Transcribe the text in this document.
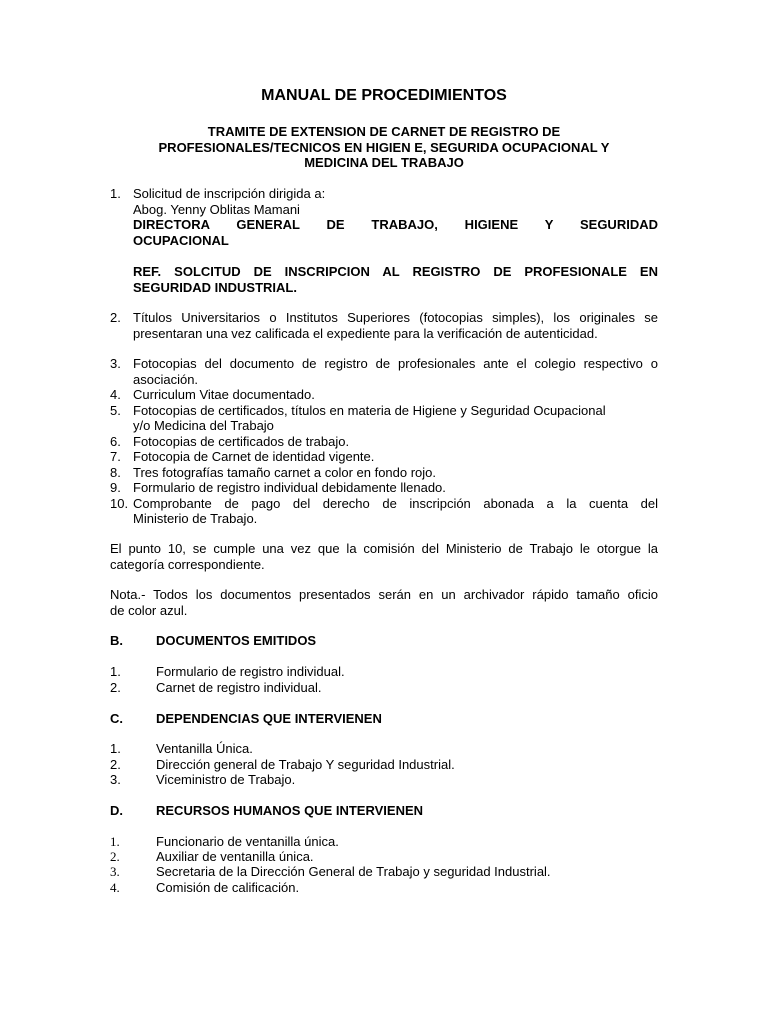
MANUAL DE PROCEDIMIENTOS
TRAMITE DE EXTENSION DE CARNET DE REGISTRO DE
PROFESIONALES/TECNICOS EN HIGIEN E, SEGURIDA OCUPACIONAL Y
MEDICINA DEL TRABAJO
1. Solicitud de inscripción dirigida a:
Abog. Yenny Oblitas Mamani
DIRECTORA GENERAL DE TRABAJO, HIGIENE Y SEGURIDAD
OCUPACIONAL
REF. SOLCITUD DE INSCRIPCION AL REGISTRO DE PROFESIONALE EN
SEGURIDAD INDUSTRIAL.
2. Títulos Universitarios o Institutos Superiores (fotocopias simples), los originales se
presentaran una vez calificada el expediente para la verificación de autenticidad.
3. Fotocopias del documento de registro de profesionales ante el colegio respectivo o
asociación.
4. Curriculum Vitae documentado.
5. Fotocopias de certificados, títulos en materia de Higiene y Seguridad Ocupacional
y/o Medicina del Trabajo
6. Fotocopias de certificados de trabajo.
7. Fotocopia de Carnet de identidad vigente.
8. Tres fotografías tamaño carnet a color en fondo rojo.
9. Formulario de registro individual debidamente llenado.
10. Comprobante de pago del derecho de inscripción abonada a la cuenta del
Ministerio de Trabajo.
El punto 10, se cumple una vez que la comisión del Ministerio de Trabajo le otorgue la
categoría correspondiente.
Nota.- Todos los documentos presentados serán en un archivador rápido tamaño oficio
de color azul.
B.	DOCUMENTOS EMITIDOS
1.	Formulario de registro individual.
2.	Carnet de registro individual.
C.	DEPENDENCIAS QUE INTERVIENEN
1.	Ventanilla Única.
2.	Dirección general de Trabajo Y seguridad Industrial.
3.	Viceministro de Trabajo.
D.	RECURSOS HUMANOS QUE INTERVIENEN
1.	Funcionario de ventanilla única.
2.	Auxiliar de ventanilla única.
3.	Secretaria de la Dirección General de Trabajo y seguridad Industrial.
4.	Comisión de calificación.
